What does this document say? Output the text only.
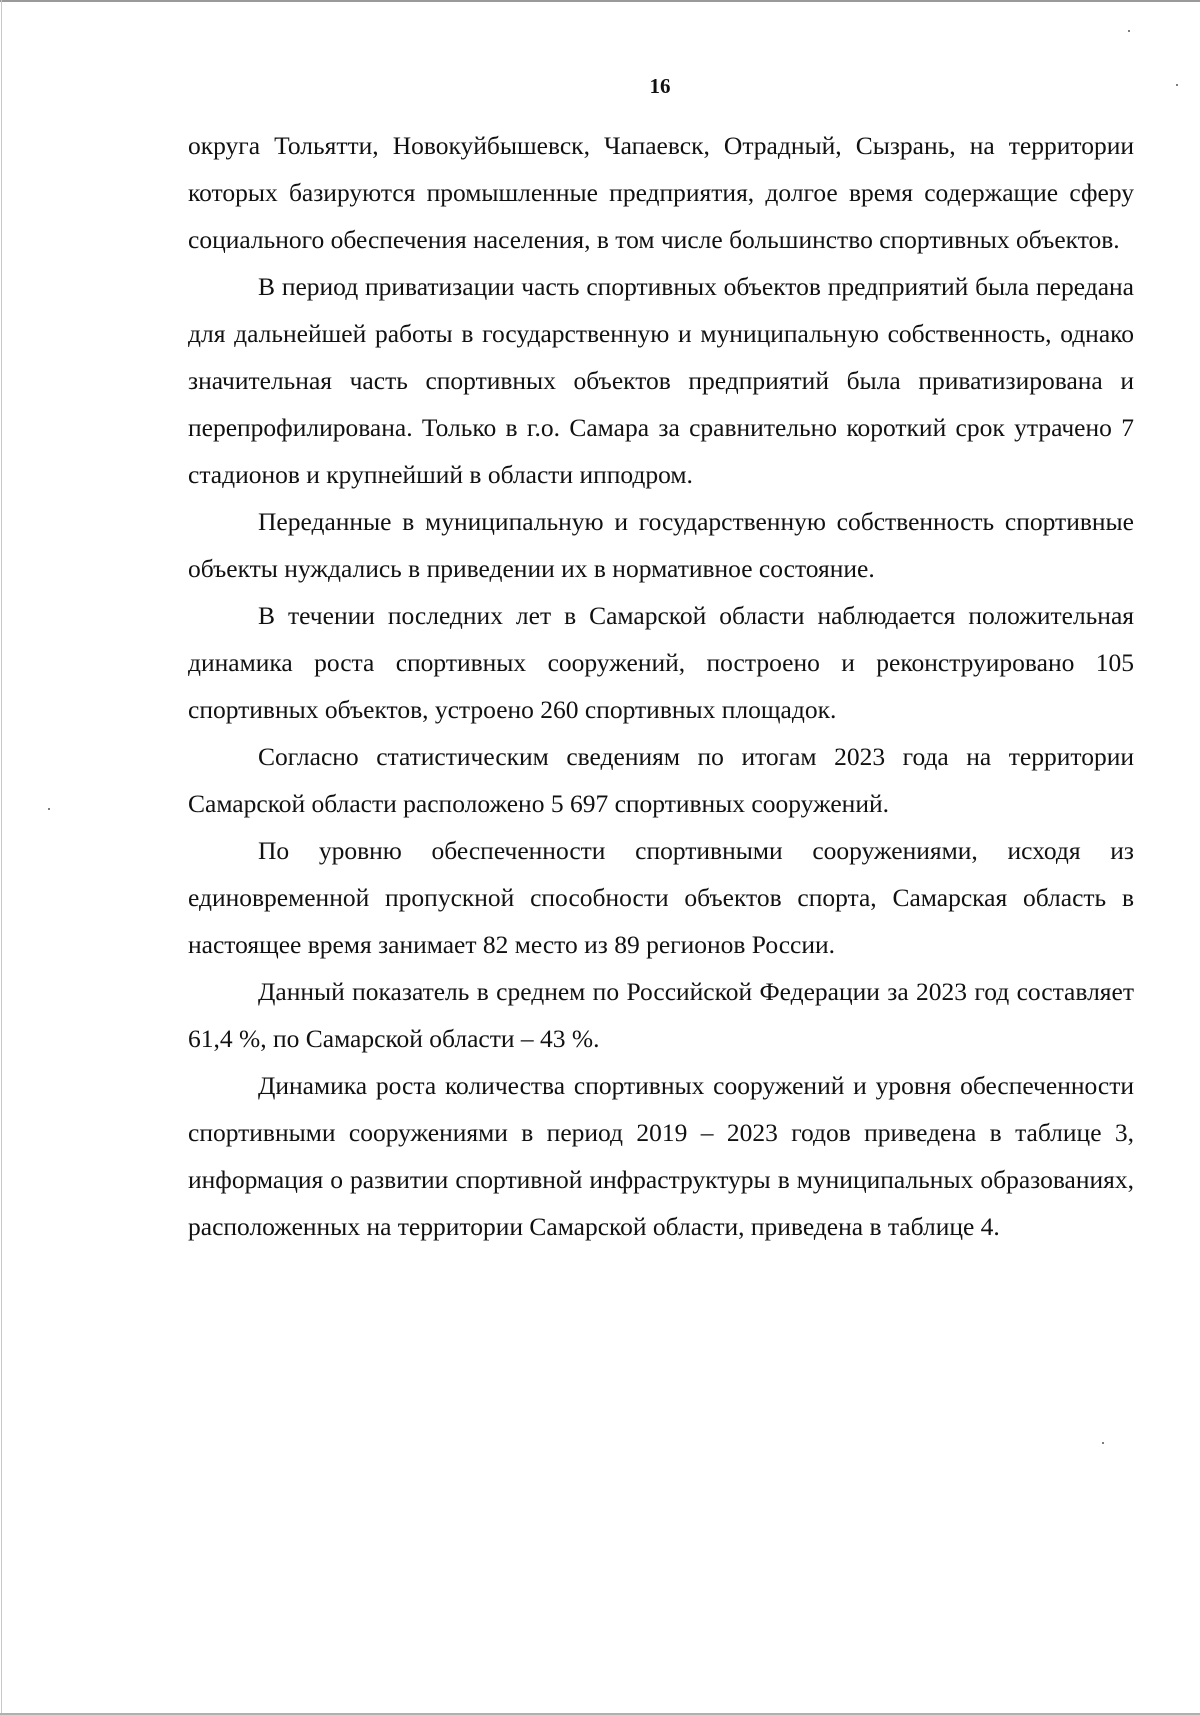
16

округа Тольятти, Новокуйбышевск, Чапаевск, Отрадный, Сызрань, на территории которых базируются промышленные предприятия, долгое время содержащие сферу социального обеспечения населения, в том числе большинство спортивных объектов.

В период приватизации часть спортивных объектов предприятий была передана для дальнейшей работы в государственную и муниципальную собственность, однако значительная часть спортивных объектов предприятий была приватизирована и перепрофилирована. Только в г.о. Самара за сравнительно короткий срок утрачено 7 стадионов и крупнейший в области ипподром.

Переданные в муниципальную и государственную собственность спортивные объекты нуждались в приведении их в нормативное состояние.

В течении последних лет в Самарской области наблюдается положительная динамика роста спортивных сооружений, построено и реконструировано 105 спортивных объектов, устроено 260 спортивных площадок.

Согласно статистическим сведениям по итогам 2023 года на территории Самарской области расположено 5 697 спортивных сооружений.

По уровню обеспеченности спортивными сооружениями, исходя из единовременной пропускной способности объектов спорта, Самарская область в настоящее время занимает 82 место из 89 регионов России.

Данный показатель в среднем по Российской Федерации за 2023 год составляет 61,4 %, по Самарской области – 43 %.

Динамика роста количества спортивных сооружений и уровня обеспеченности спортивными сооружениями в период 2019 – 2023 годов приведена в таблице 3, информация о развитии спортивной инфраструктуры в муниципальных образованиях, расположенных на территории Самарской области, приведена в таблице 4.
